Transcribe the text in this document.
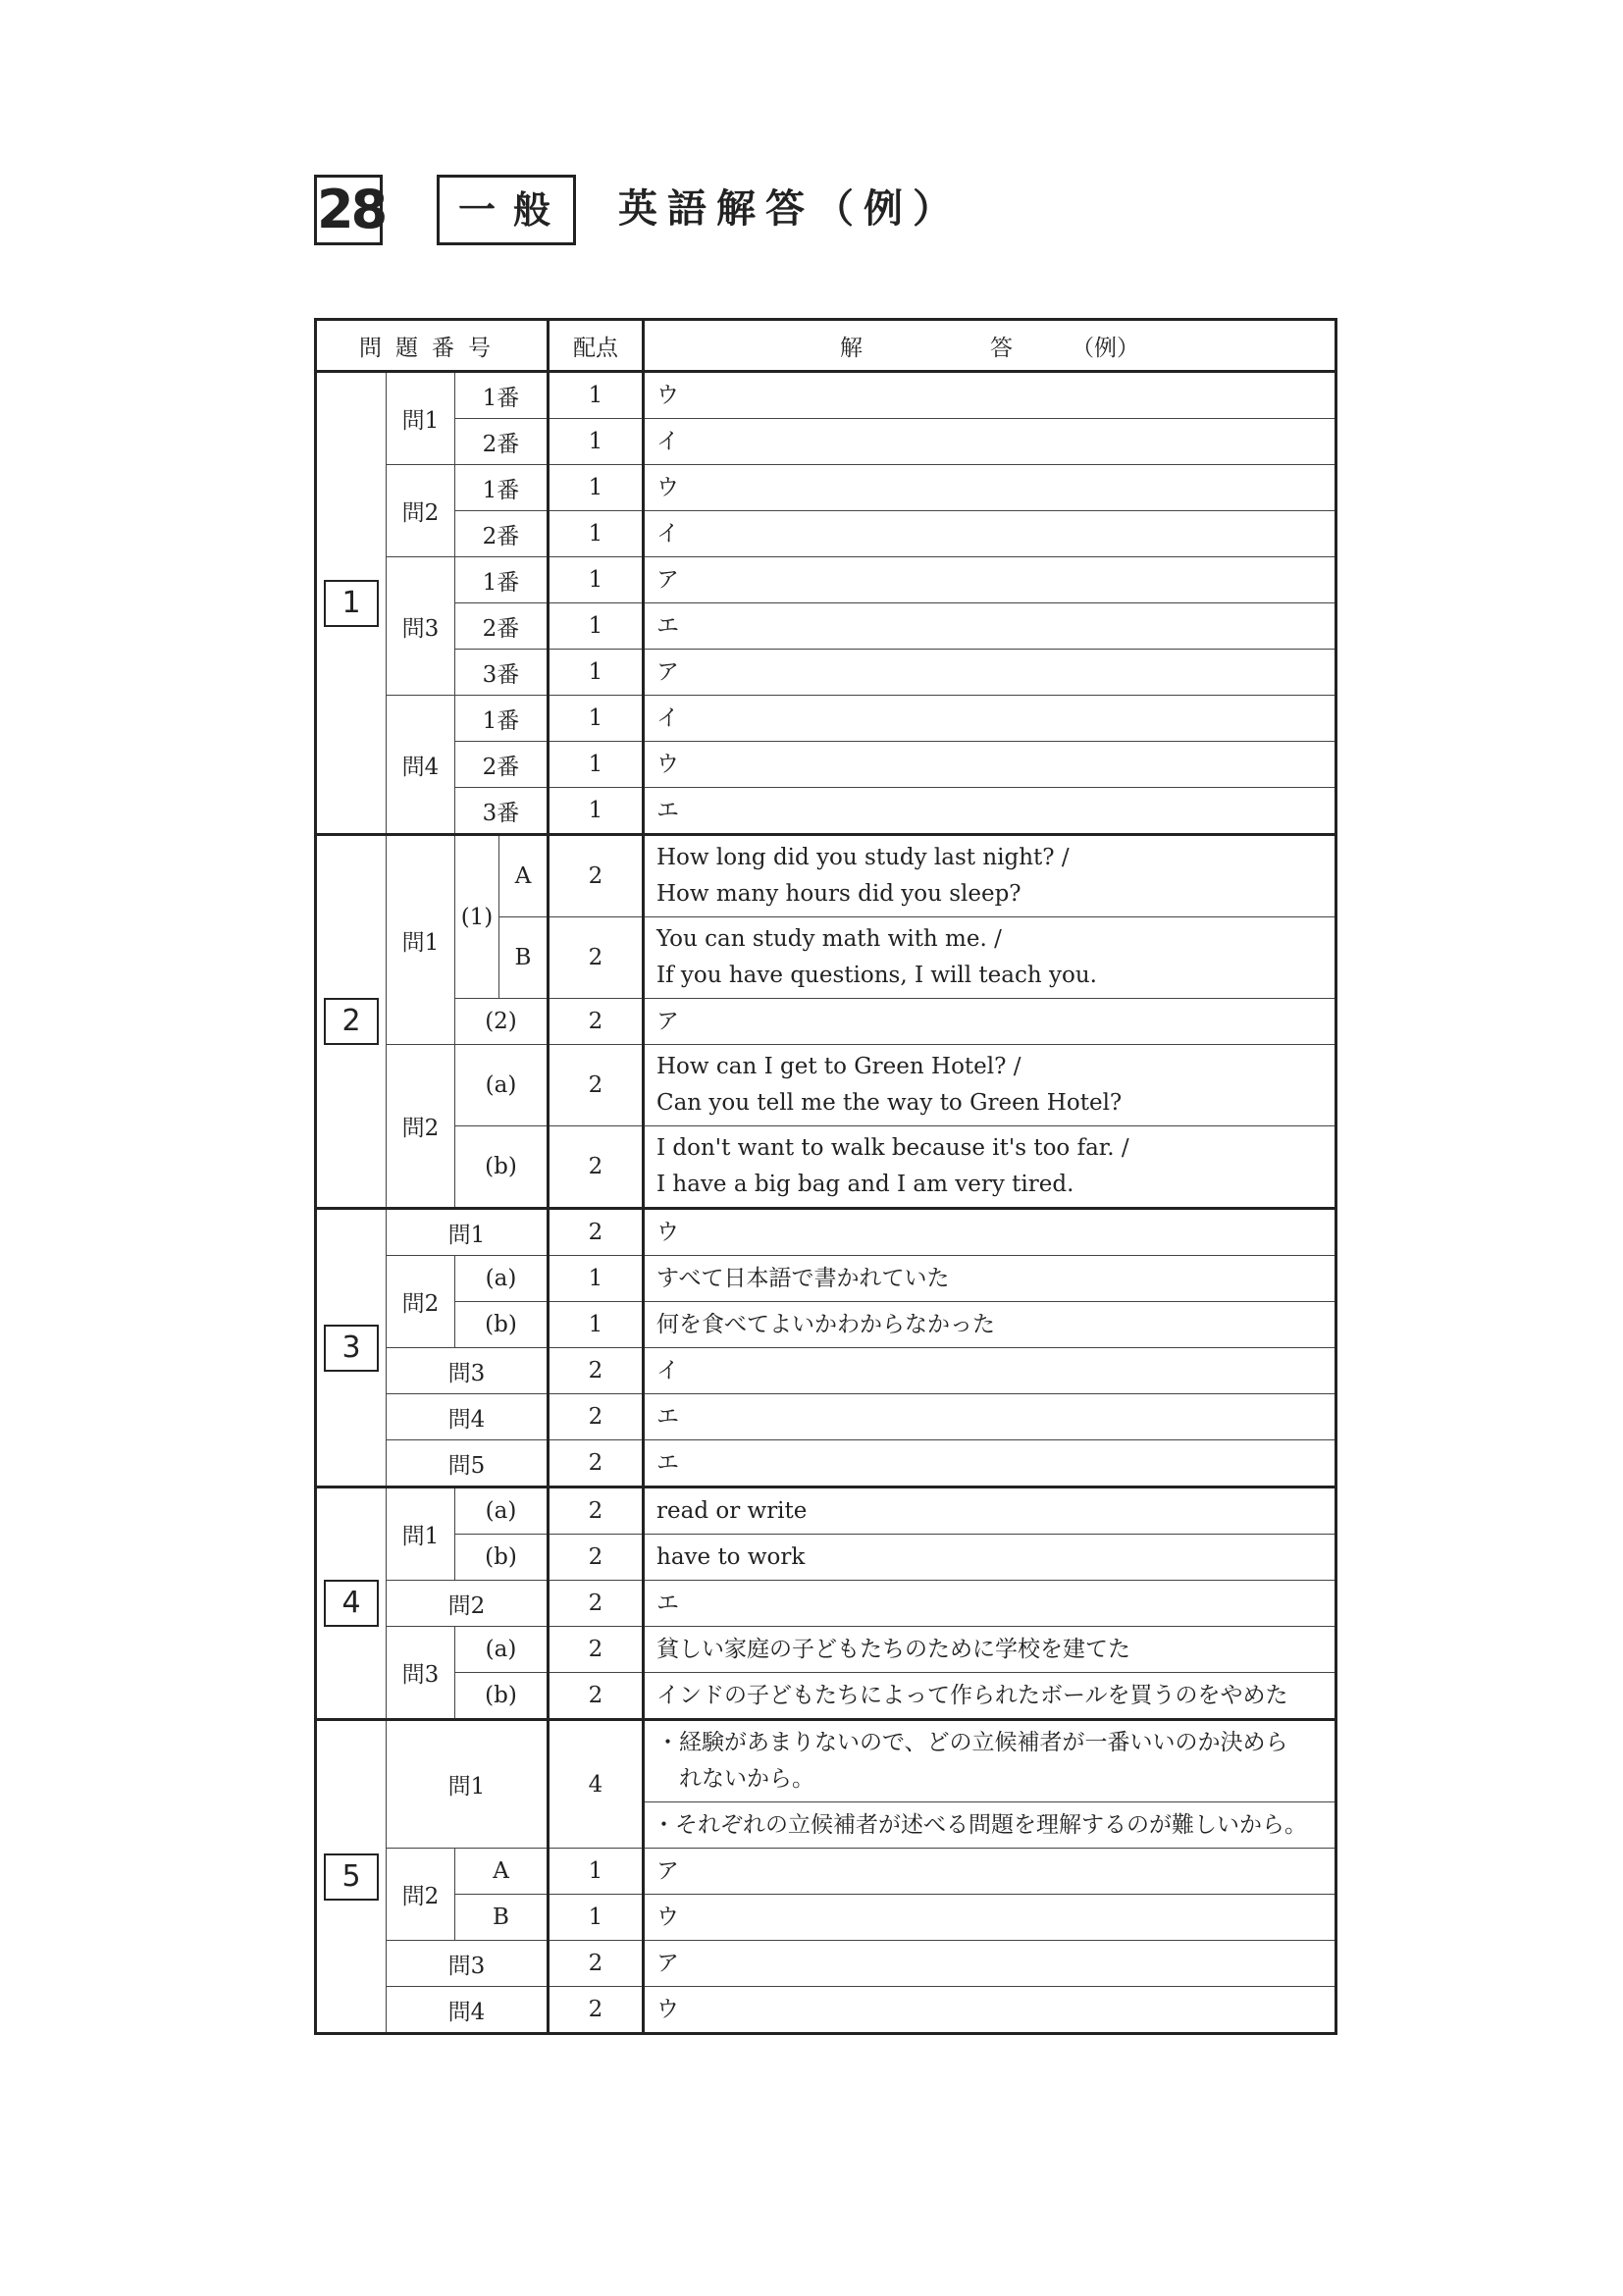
28	一般 英語解答（例）
問題番号				配点	解 答 （例）
1	問1	1番		1	ウ
		2番		1	イ
	問2	1番		1	ウ
		2番		1	イ
	問3	1番		1	ア
		2番		1	エ
		3番		1	ア
	問4	1番		1	イ
		2番		1	ウ
		3番		1	エ
2	問1	(1)	A	2	How long did you study last night? /
How many hours did you sleep?

			B	2	You can study math with me. /
If you have questions, I will teach you.

		(2)		2	ア
	問2	(a)		2	How can I get to Green Hotel? /
Can you tell me the way to Green Hotel?

		(b)		2	I don't want to walk because it's too far. /
I have a big bag and I am very tired.

3	問1			2	ウ
	問2	(a)		1	すべて日本語で書かれていた
		(b)		1	何を食べてよいかわからなかった
	問3			2	イ
	問4			2	エ
	問5			2	エ
4	問1	(a)		2	read or write
		(b)		2	have to work
	問2			2	エ
	問3	(a)		2	貧しい家庭の子どもたちのために学校を建てた
		(b)		2	インドの子どもたちによって作られたボールを買うのをやめた
5	問1			4	・経験があまりないので、どの立候補者が一番いいのか決めら
　れないから。

					・それぞれの立候補者が述べる問題を理解するのが難しいから。
	問2	A		1	ア
		B		1	ウ
	問3			2	ア
	問4			2	ウ
